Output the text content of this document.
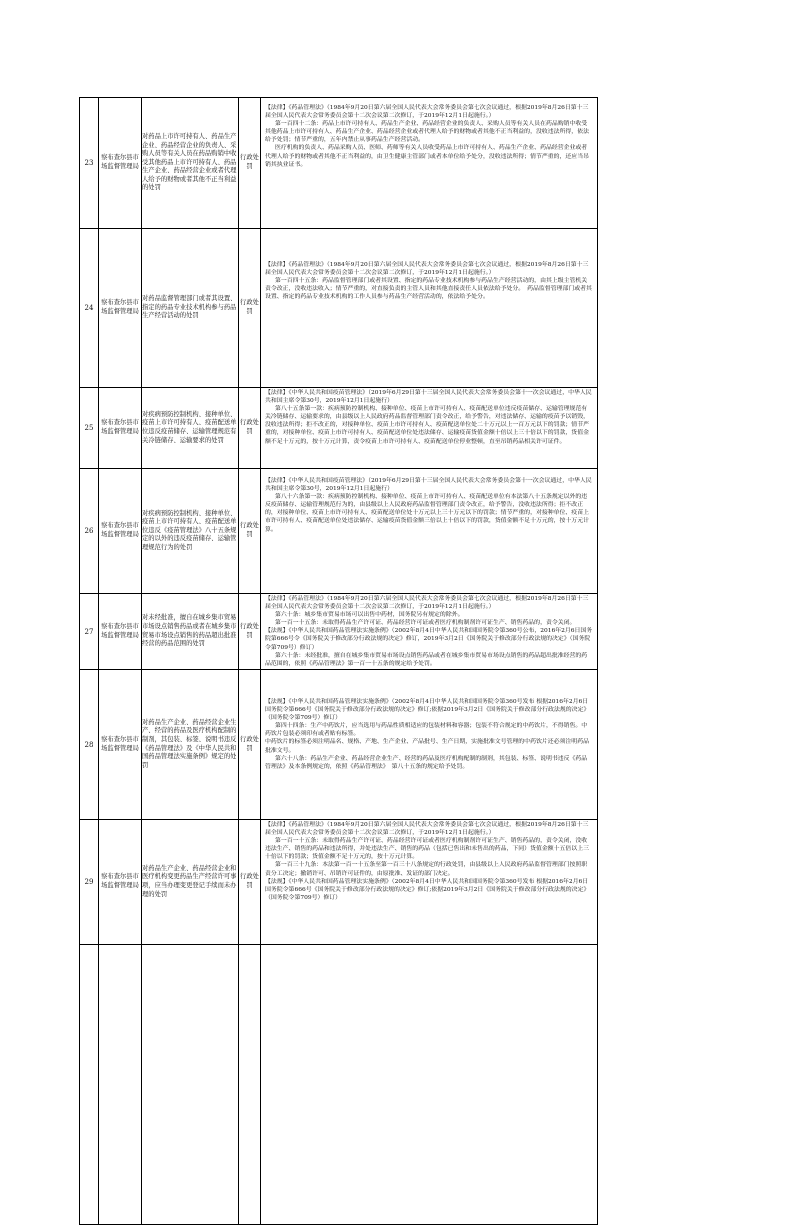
23	察布查尔县市场监督管理局	对药品上市许可持有人、药品生产企业、药品经营企业的负责人、采购人员等有关人员在药品购销中收受其他药品上市许可持有人、药品生产企业、药品经营企业或者代理人给予的财物或者其他不正当利益的处罚	行政处罚	【法律】《药品管理法》（1984年9月20日第六届全国人民代表大会常务委员会第七次会议通过，根据2019年8月26日第十三届全国人民代表大会常务委员会第十二次会议第二次修订，于2019年12月1日起施行。）

第一百四十二条：药品上市许可持有人、药品生产企业、药品经营企业的负责人、采购人员等有关人员在药品购销中收受其他药品上市许可持有人、药品生产企业、药品经营企业或者代理人给予的财物或者其他不正当利益的，没收违法所得，依法给予处罚；情节严重的，五年内禁止从事药品生产经营活动。

医疗机构的负责人、药品采购人员、医师、药师等有关人员收受药品上市许可持有人、药品生产企业、药品经营企业或者代理人给予的财物或者其他不正当利益的，由卫生健康主管部门或者本单位给予处分，没收违法所得；情节严重的，还应当吊销其执业证书。

24	察布查尔县市场监督管理局	对药品监督管理部门或者其设置、指定的药品专业技术机构参与药品生产经营活动的处罚	行政处罚	【法律】《药品管理法》（1984年9月20日第六届全国人民代表大会常务委员会第七次会议通过，根据2019年8月26日第十三届全国人民代表大会常务委员会第十二次会议第二次修订，于2019年12月1日起施行。）

第一百四十五条：药品监督管理部门或者其设置、指定的药品专业技术机构参与药品生产经营活动的，由其上级主管机关责令改正，没收违法收入；情节严重的，对直接负责的主管人员和其他直接责任人员依法给予处分。　药品监督管理部门或者其设置、指定的药品专业技术机构的工作人员参与药品生产经营活动的，依法给予处分。

25	察布查尔县市场监督管理局	对疾病预防控制机构、接种单位、疫苗上市许可持有人、疫苗配送单位违反疫苗储存、运输管理规范有关冷链储存、运输要求的处罚	行政处罚	【法律】《中华人民共和国疫苗管理法》（2019年6月29日第十三届全国人民代表大会常务委员会第十一次会议通过，中华人民共和国主席令第30号，2019年12月1日起施行）

第八十五条第一款：疾病预防控制机构、接种单位、疫苗上市许可持有人、疫苗配送单位违反疫苗储存、运输管理规范有关冷链储存、运输要求的，由县级以上人民政府药品监督管理部门责令改正，给予警告，对违法储存、运输的疫苗予以销毁，没收违法所得；拒不改正的，对接种单位、疫苗上市许可持有人、疫苗配送单位处二十万元以上一百万元以下的罚款；情节严重的，对接种单位、疫苗上市许可持有人、疫苗配送单位处违法储存、运输疫苗货值金额十倍以上三十倍以下的罚款，货值金额不足十万元的，按十万元计算，责令疫苗上市许可持有人、疫苗配送单位停业整顿，直至吊销药品相关许可证件。

26	察布查尔县市场监督管理局	对疾病预防控制机构、接种单位、疫苗上市许可持有人、疫苗配送单位违反《疫苗管理法》八十五条规定的以外的违反疫苗储存、运输管理规范行为的处罚	行政处罚	【法律】《中华人民共和国疫苗管理法》（2019年6月29日第十三届全国人民代表大会常务委员会第十一次会议通过，中华人民共和国主席令第30号，2019年12月1日起施行）

第八十六条第一款：疾病预防控制机构、接种单位、疫苗上市许可持有人、疫苗配送单位有本法第八十五条规定以外的违反疫苗储存、运输管理规范行为的，由县级以上人民政府药品监督管理部门责令改正，给予警告，没收违法所得；拒不改正的，对接种单位、疫苗上市许可持有人、疫苗配送单位处十万元以上三十万元以下的罚款；情节严重的，对接种单位、疫苗上市许可持有人、疫苗配送单位处违法储存、运输疫苗货值金额三倍以上十倍以下的罚款，货值金额不足十万元的，按十万元计算。

27	察布查尔县市场监督管理局	对未经批准，擅自在城乡集市贸易市场设点销售药品或者在城乡集市贸易市场设点销售的药品超出批准经营的药品范围的处罚	行政处罚	【法律】《药品管理法》（1984年9月20日第六届全国人民代表大会常务委员会第七次会议通过，根据2019年8月26日第十三届全国人民代表大会常务委员会第十二次会议第二次修订，于2019年12月1日起施行。）

第六十条：城乡集市贸易市场可以出售中药材，国务院另有规定的除外。

第一百一十五条：未取得药品生产许可证、药品经营许可证或者医疗机构制剂许可证生产、销售药品的，责令关闭。

【法规】《中华人民共和国药品管理法实施条例》（2002年8月4日中华人民共和国国务院令第360号公布，2016年2月6日国务院第666号令《国务院关于修改部分行政法规的决定》修订，2019年3月2日《国务院关于修改部分行政法规的决定》（国务院令第709号）修订）

第六十条：未经批准，擅自在城乡集市贸易市场设点销售药品或者在城乡集市贸易市场设点销售的药品超出批准经营的药品范围的，依照《药品管理法》第一百一十五条的规定给予处罚。

28	察布查尔县市场监督管理局	对药品生产企业、药品经营企业生产、经营的药品及医疗机构配制的制剂，其包装、标签、说明书违反《药品管理法》及《中华人民共和国药品管理法实施条例》规定的处罚	行政处罚	【法规】《中华人民共和国药品管理法实施条例》（2002年8月4日中华人民共和国国务院令第360号发布 根据2016年2月6日国务院令第666号《国务院关于修改部分行政法规的决定》修订;依据2019年3月2日《国务院关于修改部分行政法规的决定》（国务院令第709号）修订）

第四十四条：生产中药饮片，应当选用与药品性质相适应的包装材料和容器；包装不符合规定的中药饮片，不得销售。中药饮片包装必须印有或者贴有标签。

中药饮片的标签必须注明品名、规格、产地、生产企业、产品批号、生产日期，实施批准文号管理的中药饮片还必须注明药品批准文号。

第六十八条：药品生产企业、药品经营企业生产、经营的药品及医疗机构配制的制剂，其包装、标签、说明书违反《药品管理法》及本条例规定的，依照《药品管理法》　第八十五条的规定给予处罚。

29	察布查尔县市场监督管理局	对药品生产企业、药品经营企业和医疗机构变更药品生产经营许可事项，应当办理变更登记手续而未办理的处罚	行政处罚	【法律】《药品管理法》（1984年9月20日第六届全国人民代表大会常务委员会第七次会议通过，根据2019年8月26日第十三届全国人民代表大会常务委员会第十二次会议第二次修订，于2019年12月1日起施行。）

第一百一十五条：未取得药品生产许可证、药品经营许可证或者医疗机构制剂许可证生产、销售药品的，责令关闭，没收违法生产、销售的药品和违法所得，并处违法生产、销售的药品（包括已售出和未售出的药品，下同）货值金额十五倍以上三十倍以下的罚款；货值金额不足十万元的，按十万元计算。

第一百三十九条：本法第一百一十五条至第一百三十八条规定的行政处罚，由县级以上人民政府药品监督管理部门按照职责分工决定；撤销许可、吊销许可证件的，由原批准、发证的部门决定。

【法规】《中华人民共和国药品管理法实施条例》（2002年8月4日中华人民共和国国务院令第360号发布 根据2016年2月6日国务院令第666号《国务院关于修改部分行政法规的决定》修订;依据2019年3月2日《国务院关于修改部分行政法规的决定》（国务院令第709号）修订）
